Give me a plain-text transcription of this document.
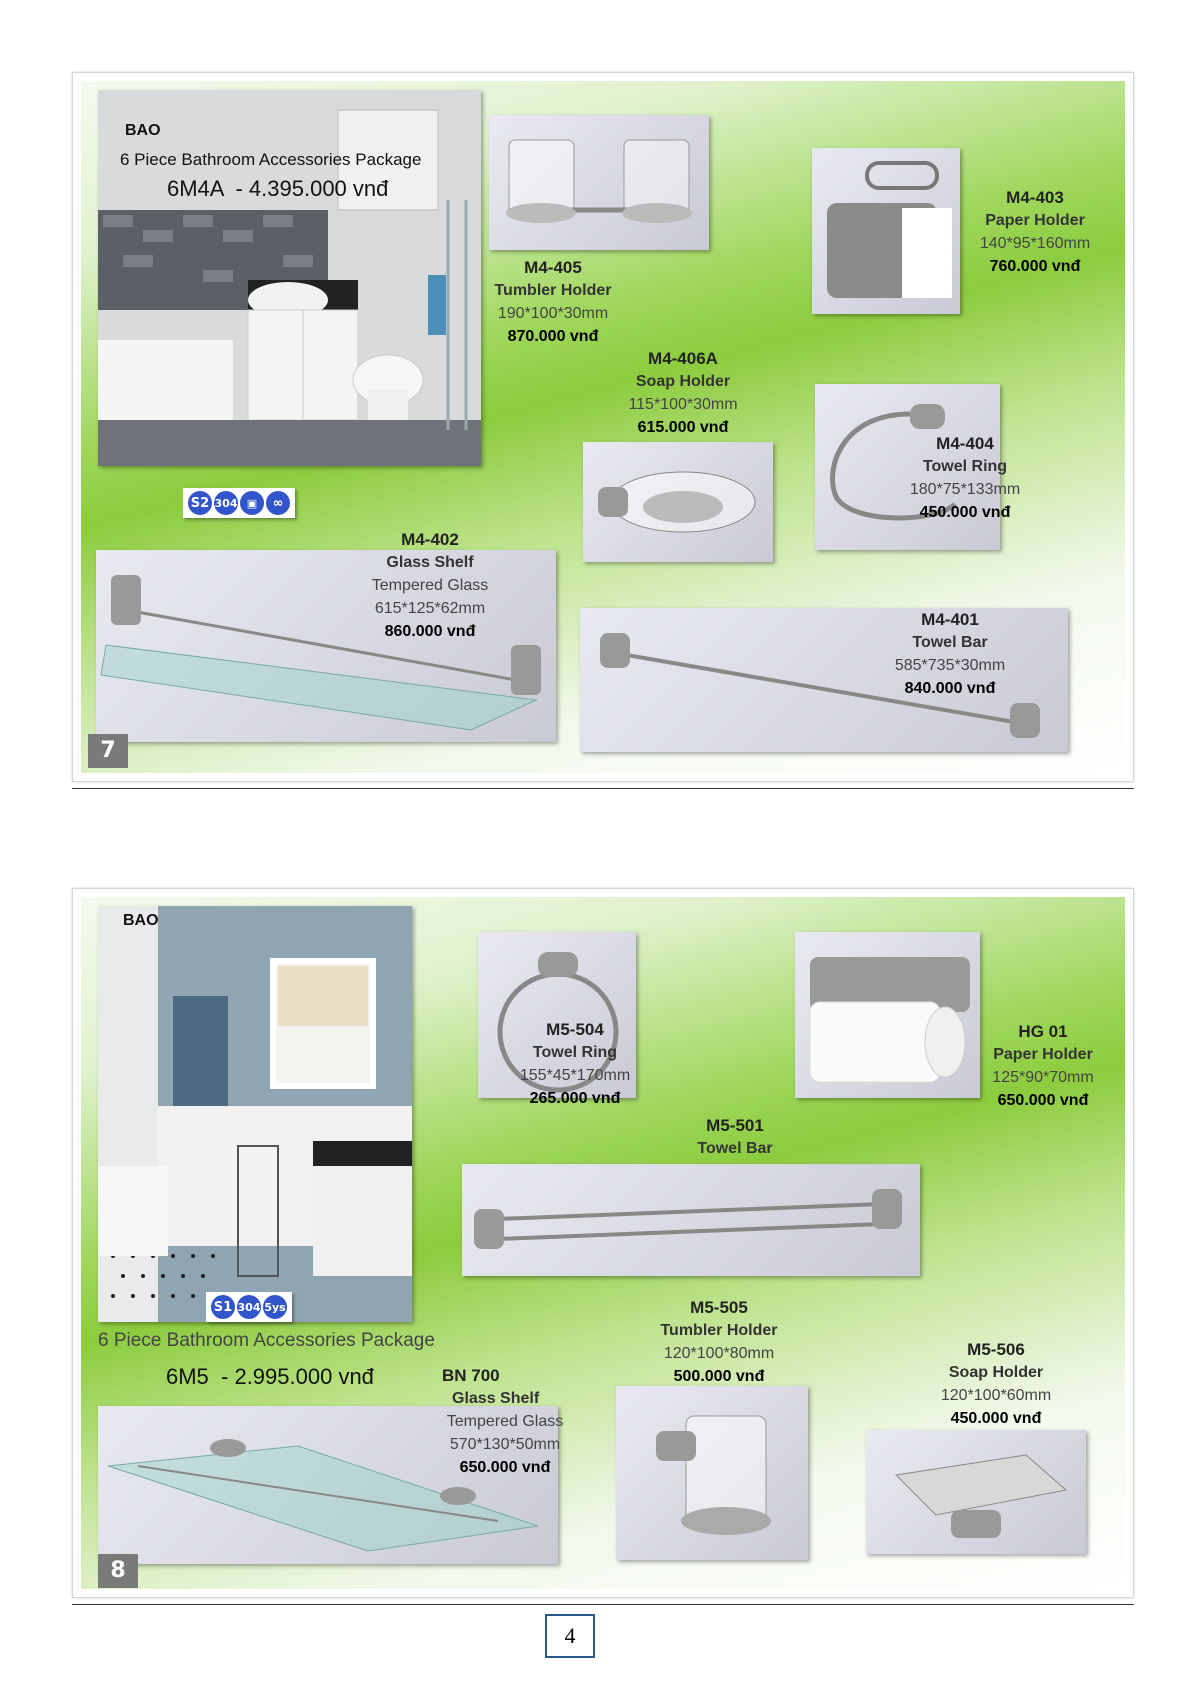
BAO
6 Piece Bathroom Accessories Package
6M4A  - 4.395.000 vnđ
S2 304 ▣	∞
M4-405
Tumbler Holder
190*100*30mm
870.000 vnđ
M4-403
Paper Holder
140*95*160mm
760.000 vnđ
M4-406A
Soap Holder
115*100*30mm
615.000 vnđ
M4-404
Towel Ring
180*75*133mm
450.000 vnđ
M4-402
Glass Shelf
Tempered Glass
615*125*62mm
860.000 vnđ
M4-401
Towel Bar
585*735*30mm
840.000 vnđ
7
BAO
S1 304 5ys
6 Piece Bathroom Accessories Package
6M5  - 2.995.000 vnđ
M5-504
Towel Ring
155*45*170mm
265.000 vnđ
HG 01
Paper Holder
125*90*70mm
650.000 vnđ
M5-501
Towel Bar
BN 700
Glass Shelf
Tempered Glass
570*130*50mm
650.000 vnđ
M5-505
Tumbler Holder
120*100*80mm
500.000 vnđ
M5-506
Soap Holder
120*100*60mm
450.000 vnđ
8
4
